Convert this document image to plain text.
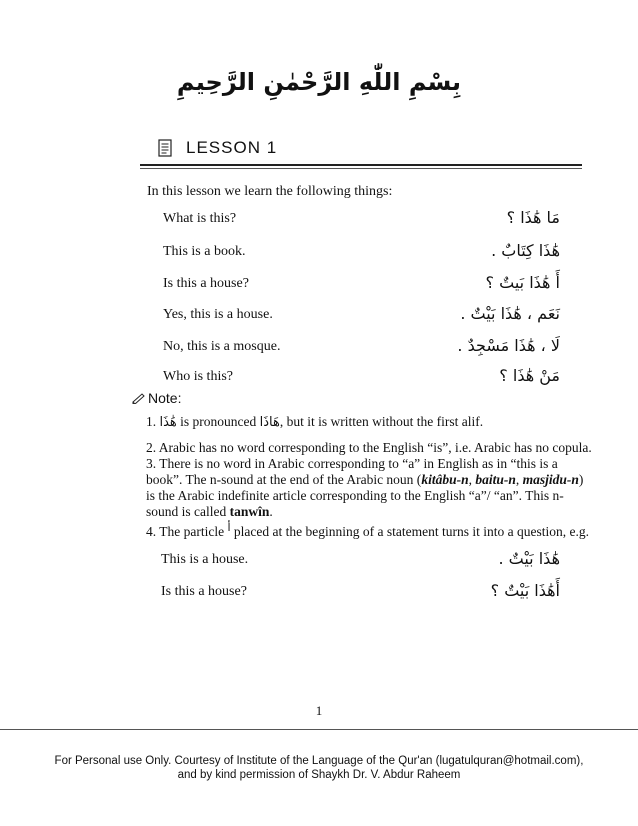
بِسْمِ اللّٰهِ الرَّحْمٰنِ الرَّحِيمِ
LESSON 1
In this lesson we learn the following things:
What is this?	مَا هَٰذَا ؟
This is a book.	هَٰذَا كِتَابٌ .
Is this a house?	أَ هَٰذَا بَيتٌ ؟
Yes, this is a house.	نَعَم ، هَٰذَا بَيْتٌ .
No, this is a mosque.	لَا ، هَٰذَا مَسْجِدٌ .
Who is this?	مَنْ هَٰذَا ؟
Note:
1. هَٰذَا is pronounced هَاذَا, but it is written without the first alif.
2. Arabic has no word corresponding to the English “is”, i.e. Arabic has no copula.
3. There is no word in Arabic corresponding to “a” in English as in “this is a book”. The n-sound at the end of the Arabic noun (kitâbu-n, baitu-n, masjidu-n) is the Arabic indefinite article corresponding to the English “a”/ “an”. This n-sound is called tanwîn.
4. The particle $^أ$ placed at the beginning of a statement turns it into a question, e.g.
This is a house.	هَٰذَا بَيْتٌ .
Is this a house?	أَهَٰذَا بَيْتٌ ؟
1
For Personal use Only. Courtesy of Institute of the Language of the Qur'an (lugatulquran@hotmail.com),
and by kind permission of Shaykh Dr. V. Abdur Raheem
